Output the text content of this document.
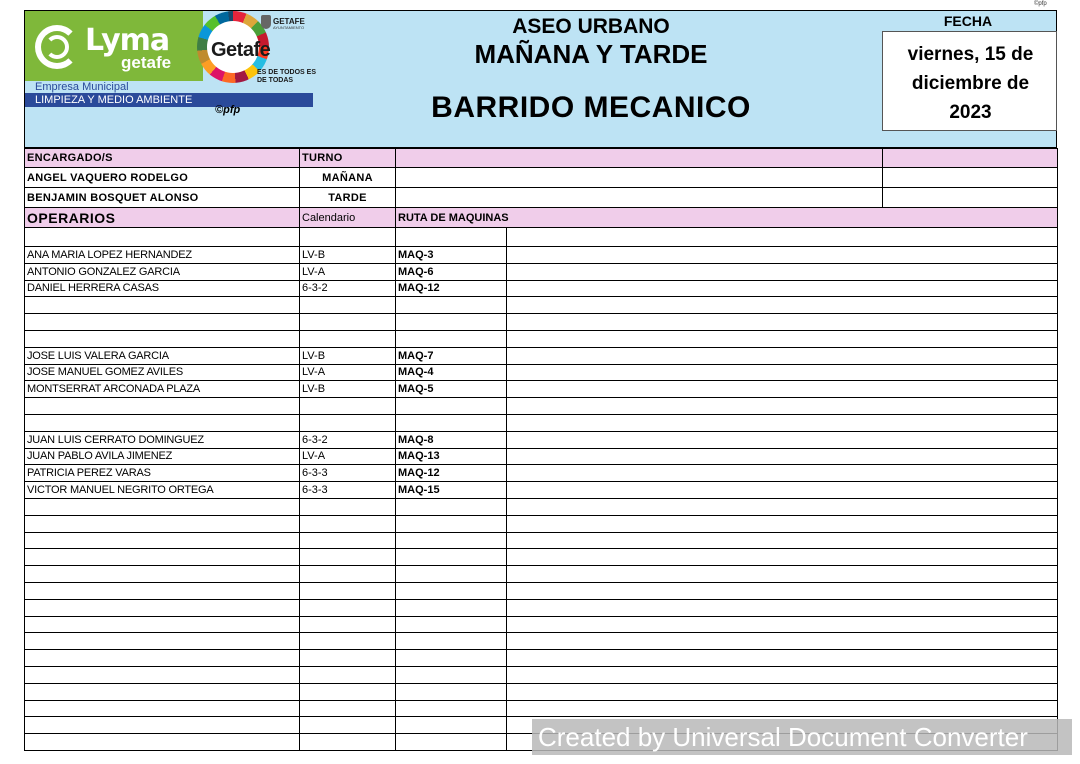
©pfp
Lyma
getafe
Getafe
GETAFE
AYUNTAMIENTO
ES DE TODOS ES DE TODAS
Empresa Municipal
LIMPIEZA Y MEDIO AMBIENTE
©pfp
ASEO URBANO
MAÑANA Y TARDE
BARRIDO MECANICO
FECHA
viernes, 15 de diciembre de 2023
ENCARGADO/S	TURNO			
ANGEL VAQUERO RODELGO	MAÑANA			
BENJAMIN BOSQUET ALONSO	TARDE			
OPERARIOS	Calendario	RUTA DE MAQUINAS		

ANA MARIA LOPEZ HERNANDEZ	LV-B	MAQ-3		
ANTONIO GONZALEZ GARCIA	LV-A	MAQ-6		
DANIEL HERRERA CASAS	6-3-2	MAQ-12		

JOSE LUIS VALERA GARCIA	LV-B	MAQ-7		
JOSE MANUEL GOMEZ AVILES	LV-A	MAQ-4		
MONTSERRAT ARCONADA PLAZA	LV-B	MAQ-5		

JUAN LUIS CERRATO DOMINGUEZ	6-3-2	MAQ-8		
JUAN PABLO AVILA JIMENEZ	LV-A	MAQ-13		
PATRICIA PEREZ VARAS	6-3-3	MAQ-12		
VICTOR MANUEL NEGRITO ORTEGA	6-3-3	MAQ-15		

Created by Universal Document Converter
